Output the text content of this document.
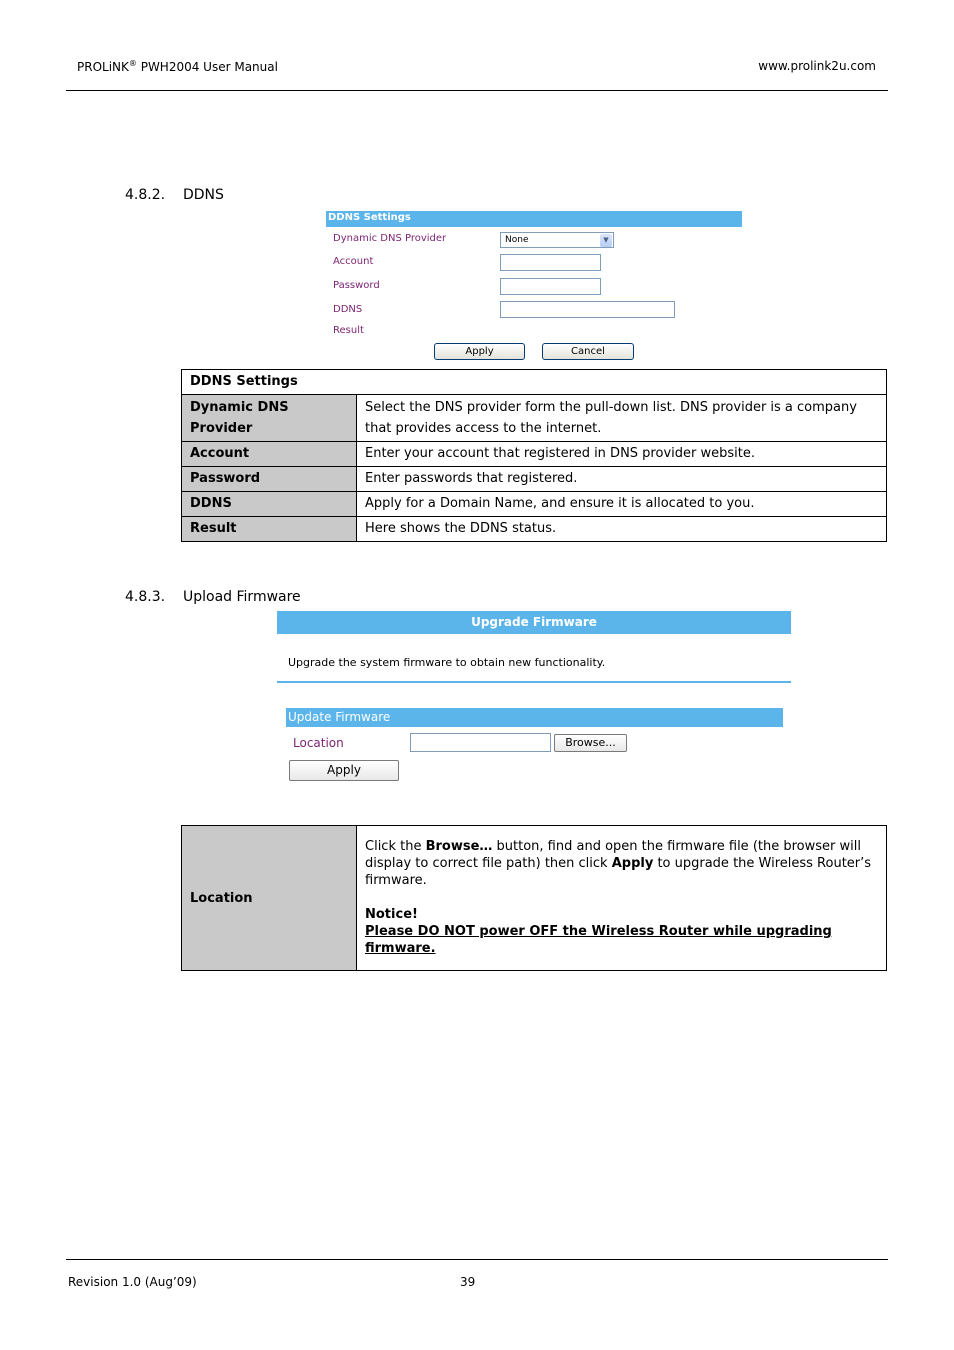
PROLiNK® PWH2004 User Manual	www.prolink2u.com
4.8.2. DDNS
DDNS Settings
Dynamic DNS Provider	None	▼
Account
Password
DDNS
Result
Apply	Cancel
DDNS Settings	
Dynamic DNS Provider	Select the DNS provider form the pull-down list. DNS provider is a company that provides access to the internet.
Account	Enter your account that registered in DNS provider website.
Password	Enter passwords that registered.
DDNS	Apply for a Domain Name, and ensure it is allocated to you.
Result	Here shows the DDNS status.
4.8.3. Upload Firmware
Upgrade Firmware
Upgrade the system firmware to obtain new functionality.
Update Firmware
Location	Browse...
Apply
Location	
Click the Browse… button, find and open the firmware file (the browser will display to correct file path) then click Apply to upgrade the Wireless Router’s firmware.
Notice!
Please DO NOT power OFF the Wireless Router while upgrading firmware.
Revision 1.0 (Aug’09)	39
